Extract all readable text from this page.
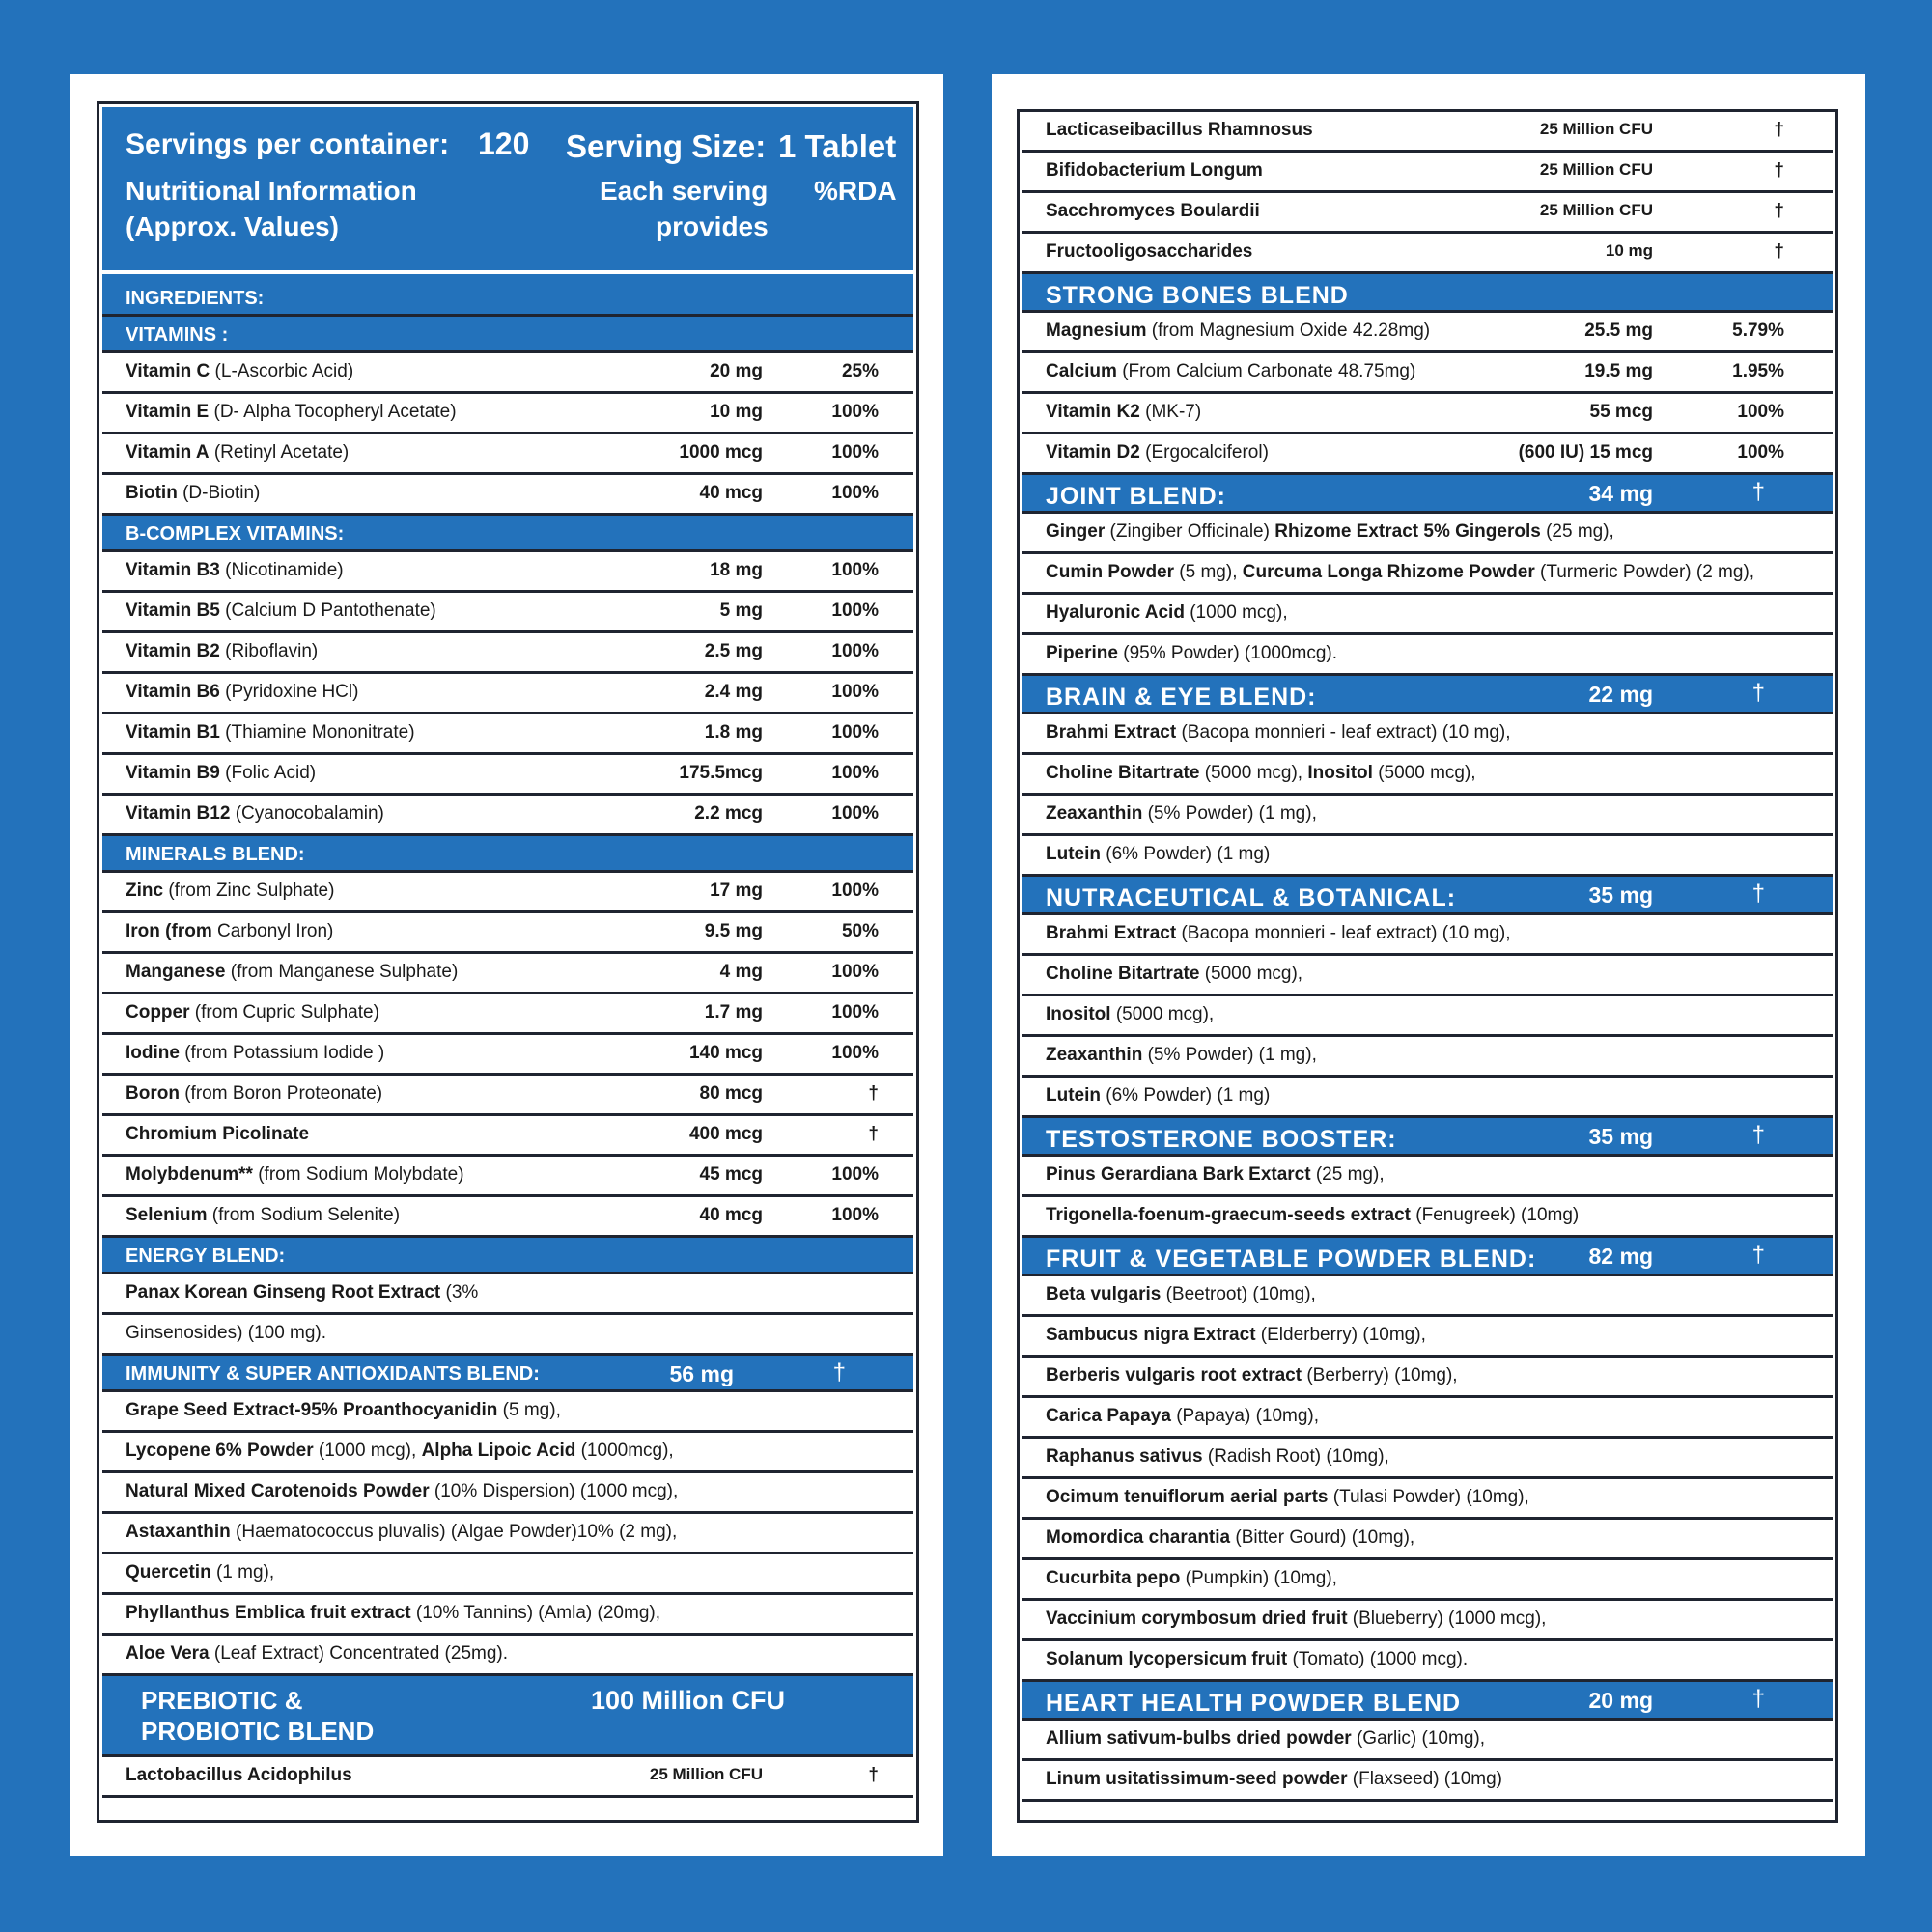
Servings per container: 120 Serving Size: 1 Tablet
Nutritional Information
(Approx. Values)
Each serving
provides
%RDA
INGREDIENTS:
VITAMINS :
Vitamin C (L-Ascorbic Acid)	20 mg	25%
Vitamin E (D- Alpha Tocopheryl Acetate)	10 mg	100%
Vitamin A (Retinyl Acetate)	1000 mcg	100%
Biotin (D-Biotin)	40 mcg	100%
B-COMPLEX VITAMINS:
Vitamin B3 (Nicotinamide)	18 mg	100%
Vitamin B5 (Calcium D Pantothenate)	5 mg	100%
Vitamin B2 (Riboflavin)	2.5 mg	100%
Vitamin B6 (Pyridoxine HCl)	2.4 mg	100%
Vitamin B1 (Thiamine Mononitrate)	1.8 mg	100%
Vitamin B9 (Folic Acid)	175.5mcg	100%
Vitamin B12 (Cyanocobalamin)	2.2 mcg	100%
MINERALS BLEND:
Zinc (from Zinc Sulphate)	17 mg	100%
Iron (from Carbonyl Iron)	9.5 mg	50%
Manganese (from Manganese Sulphate)	4 mg	100%
Copper (from Cupric Sulphate)	1.7 mg	100%
Iodine (from Potassium Iodide )	140 mcg	100%
Boron (from Boron Proteonate)	80 mcg	†
Chromium Picolinate	400 mcg	†
Molybdenum** (from Sodium Molybdate)	45 mcg	100%
Selenium (from Sodium Selenite)	40 mcg	100%
ENERGY BLEND:
Panax Korean Ginseng Root Extract (3%
Ginsenosides) (100 mg).
IMMUNITY & SUPER ANTIOXIDANTS BLEND:	56 mg	†
Grape Seed Extract-95% Proanthocyanidin (5 mg),
Lycopene 6% Powder (1000 mcg), Alpha Lipoic Acid (1000mcg),
Natural Mixed Carotenoids Powder (10% Dispersion) (1000 mcg),
Astaxanthin (Haematococcus pluvalis) (Algae Powder)10% (2 mg),
Quercetin (1 mg),
Phyllanthus Emblica fruit extract (10% Tannins) (Amla) (20mg),
Aloe Vera (Leaf Extract) Concentrated (25mg).
PREBIOTIC &
PROBIOTIC BLEND
100 Million CFU
Lactobacillus Acidophilus	25 Million CFU	†
Lacticaseibacillus Rhamnosus	25 Million CFU	†
Bifidobacterium Longum	25 Million CFU	†
Sacchromyces Boulardii	25 Million CFU	†
Fructooligosaccharides	10 mg	†
STRONG BONES BLEND
Magnesium (from Magnesium Oxide 42.28mg)	25.5 mg	5.79%
Calcium (From Calcium Carbonate 48.75mg)	19.5 mg	1.95%
Vitamin K2 (MK-7)	55 mcg	100%
Vitamin D2 (Ergocalciferol)	(600 IU) 15 mcg	100%
JOINT BLEND:	34 mg	†
Ginger (Zingiber Officinale) Rhizome Extract 5% Gingerols (25 mg),
Cumin Powder (5 mg), Curcuma Longa Rhizome Powder (Turmeric Powder) (2 mg),
Hyaluronic Acid (1000 mcg),
Piperine (95% Powder) (1000mcg).
BRAIN & EYE BLEND:	22 mg	†
Brahmi Extract (Bacopa monnieri - leaf extract) (10 mg),
Choline Bitartrate (5000 mcg), Inositol (5000 mcg),
Zeaxanthin (5% Powder) (1 mg),
Lutein (6% Powder) (1 mg)
NUTRACEUTICAL & BOTANICAL:	35 mg	†
Brahmi Extract (Bacopa monnieri - leaf extract) (10 mg),
Choline Bitartrate (5000 mcg),
Inositol (5000 mcg),
Zeaxanthin (5% Powder) (1 mg),
Lutein (6% Powder) (1 mg)
TESTOSTERONE BOOSTER:	35 mg	†
Pinus Gerardiana Bark Extarct (25 mg),
Trigonella-foenum-graecum-seeds extract (Fenugreek) (10mg)
FRUIT & VEGETABLE POWDER BLEND: 82 mg	†
Beta vulgaris (Beetroot) (10mg),
Sambucus nigra Extract (Elderberry) (10mg),
Berberis vulgaris root extract (Berberry) (10mg),
Carica Papaya (Papaya) (10mg),
Raphanus sativus (Radish Root) (10mg),
Ocimum tenuiflorum aerial parts (Tulasi Powder) (10mg),
Momordica charantia (Bitter Gourd) (10mg),
Cucurbita pepo (Pumpkin) (10mg),
Vaccinium corymbosum dried fruit (Blueberry) (1000 mcg),
Solanum lycopersicum fruit (Tomato) (1000 mcg).
HEART HEALTH POWDER BLEND	20 mg	†
Allium sativum-bulbs dried powder (Garlic) (10mg),
Linum usitatissimum-seed powder (Flaxseed) (10mg)
